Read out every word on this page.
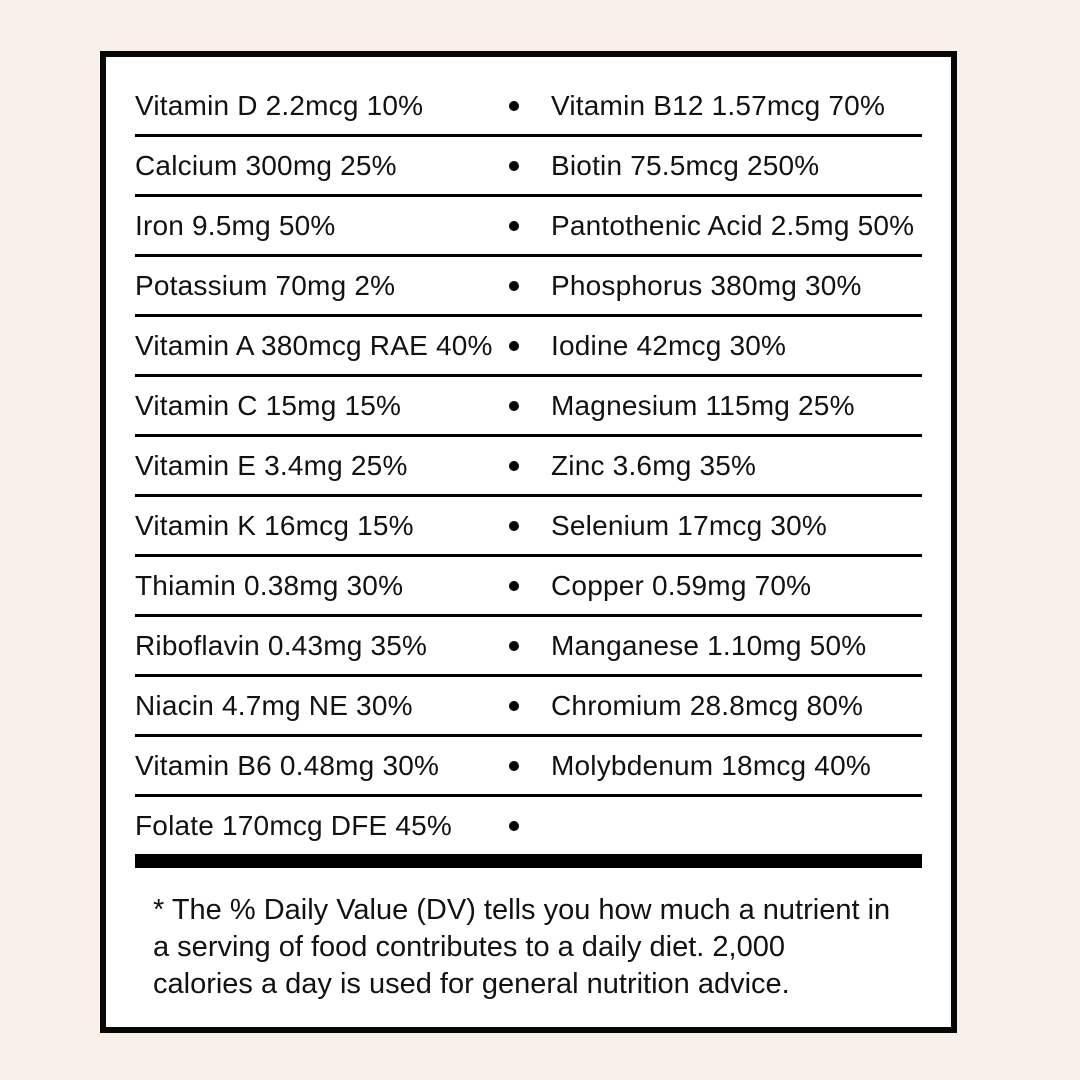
Vitamin D 2.2mcg 10%	Vitamin B12 1.57mcg 70%
Calcium 300mg 25%	Biotin 75.5mcg 250%
Iron 9.5mg 50%	Pantothenic Acid 2.5mg 50%
Potassium 70mg 2%	Phosphorus 380mg 30%
Vitamin A 380mcg RAE 40%	Iodine 42mcg 30%
Vitamin C 15mg 15%	Magnesium 115mg 25%
Vitamin E 3.4mg 25%	Zinc 3.6mg 35%
Vitamin K 16mcg 15%	Selenium 17mcg 30%
Thiamin 0.38mg 30%	Copper 0.59mg 70%
Riboflavin 0.43mg 35%	Manganese 1.10mg 50%
Niacin 4.7mg NE 30%	Chromium 28.8mcg 80%
Vitamin B6 0.48mg 30%	Molybdenum 18mcg 40%
Folate 170mcg DFE 45%
* The % Daily Value (DV) tells you how much a nutrient in
a serving of food contributes to a daily diet. 2,000
calories a day is used for general nutrition advice.
